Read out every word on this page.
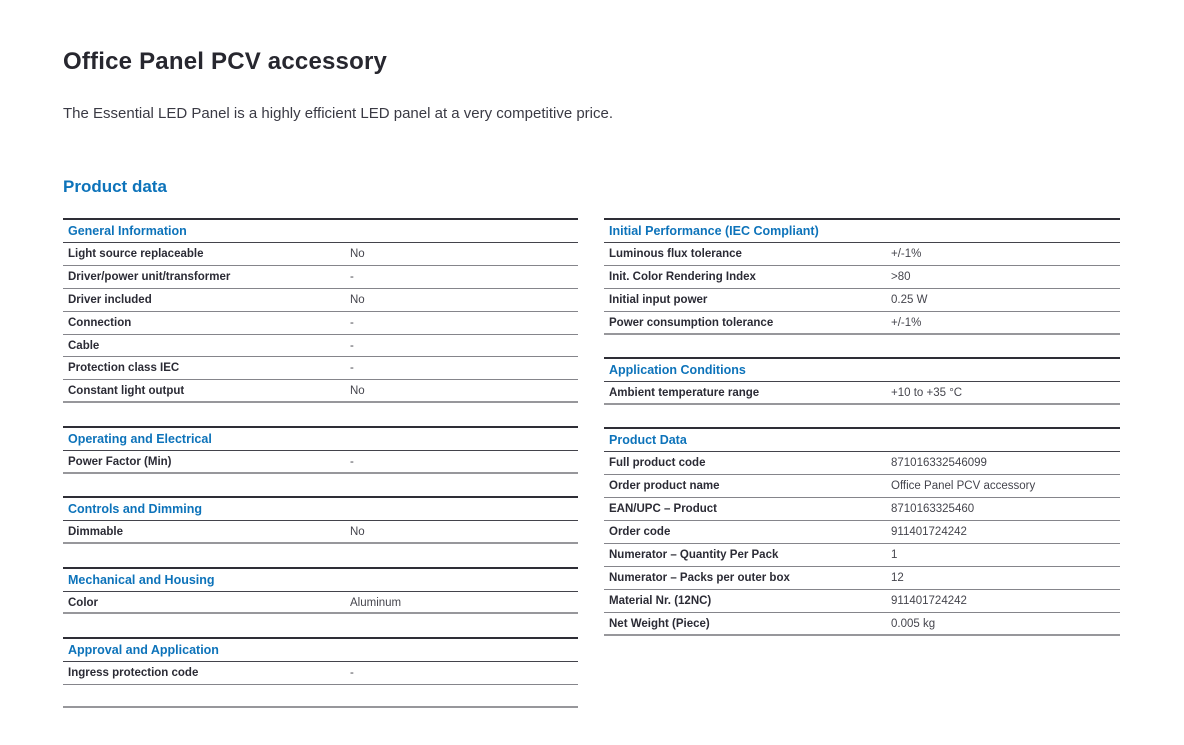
Office Panel PCV accessory

The Essential LED Panel is a highly efficient LED panel at a very competitive price.

Product data
General Information
Light source replaceable	No
Driver/power unit/transformer	-
Driver included	No
Connection	-
Cable	-
Protection class IEC	-
Constant light output	No
Operating and Electrical
Power Factor (Min)	-
Controls and Dimming
Dimmable	No
Mechanical and Housing
Color	Aluminum
Approval and Application
Ingress protection code	-
Initial Performance (IEC Compliant)
Luminous flux tolerance	+/-1%
Init. Color Rendering Index	>80
Initial input power	0.25 W
Power consumption tolerance	+/-1%
Application Conditions
Ambient temperature range	+10 to +35 °C
Product Data
Full product code	871016332546099
Order product name	Office Panel PCV accessory
EAN/UPC – Product	8710163325460
Order code	911401724242
Numerator – Quantity Per Pack	1
Numerator – Packs per outer box	12
Material Nr. (12NC)	911401724242
Net Weight (Piece)	0.005 kg
